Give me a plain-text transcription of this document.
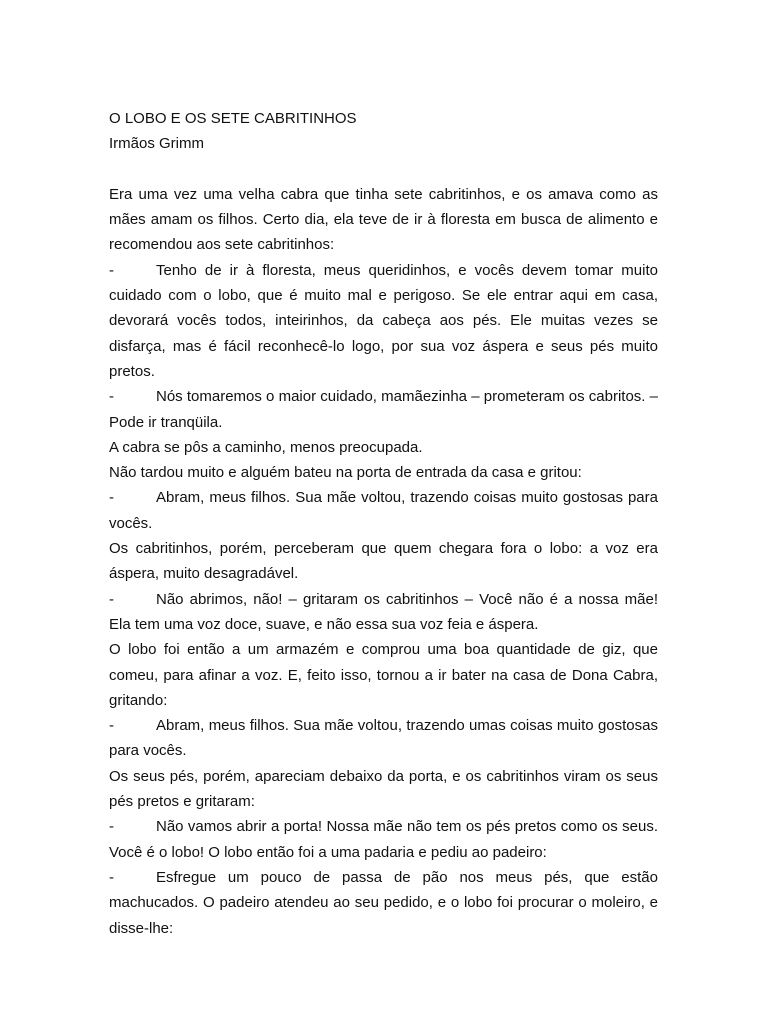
O LOBO E OS SETE CABRITINHOS

Irmãos Grimm

Era uma vez uma velha cabra que tinha sete cabritinhos, e os amava como as mães amam os filhos. Certo dia, ela teve de ir à floresta em busca de alimento e recomendou aos sete cabritinhos:

-	Tenho de ir à floresta, meus queridinhos, e vocês devem tomar muito cuidado com o lobo, que é muito mal e perigoso. Se ele entrar aqui em casa, devorará vocês todos, inteirinhos, da cabeça aos pés. Ele muitas vezes se disfarça, mas é fácil reconhecê-lo logo, por sua voz áspera e seus pés muito pretos.

-	Nós tomaremos o maior cuidado, mamãezinha – prometeram os cabritos. – Pode ir tranqüila.

A cabra se pôs a caminho, menos preocupada.

Não tardou muito e alguém bateu na porta de entrada da casa e gritou:

-	Abram, meus filhos. Sua mãe voltou, trazendo coisas muito gostosas para vocês.

Os cabritinhos, porém, perceberam que quem chegara fora o lobo: a voz era áspera, muito desagradável.

-	Não abrimos, não! – gritaram os cabritinhos – Você não é a nossa mãe! Ela tem uma voz doce, suave, e não essa sua voz feia e áspera.

O lobo foi então a um armazém e comprou uma boa quantidade de giz, que comeu, para afinar a voz. E, feito isso, tornou a ir bater na casa de Dona Cabra, gritando:

-	Abram, meus filhos. Sua mãe voltou, trazendo umas coisas muito gostosas para vocês.

Os seus pés, porém, apareciam debaixo da porta, e os cabritinhos viram os seus pés pretos e gritaram:

-	Não vamos abrir a porta! Nossa mãe não tem os pés pretos como os seus. Você é o lobo! O lobo então foi a uma padaria e pediu ao padeiro:

-	Esfregue um pouco de passa de pão nos meus pés, que estão machucados. O padeiro atendeu ao seu pedido, e o lobo foi procurar o moleiro, e disse-lhe:
